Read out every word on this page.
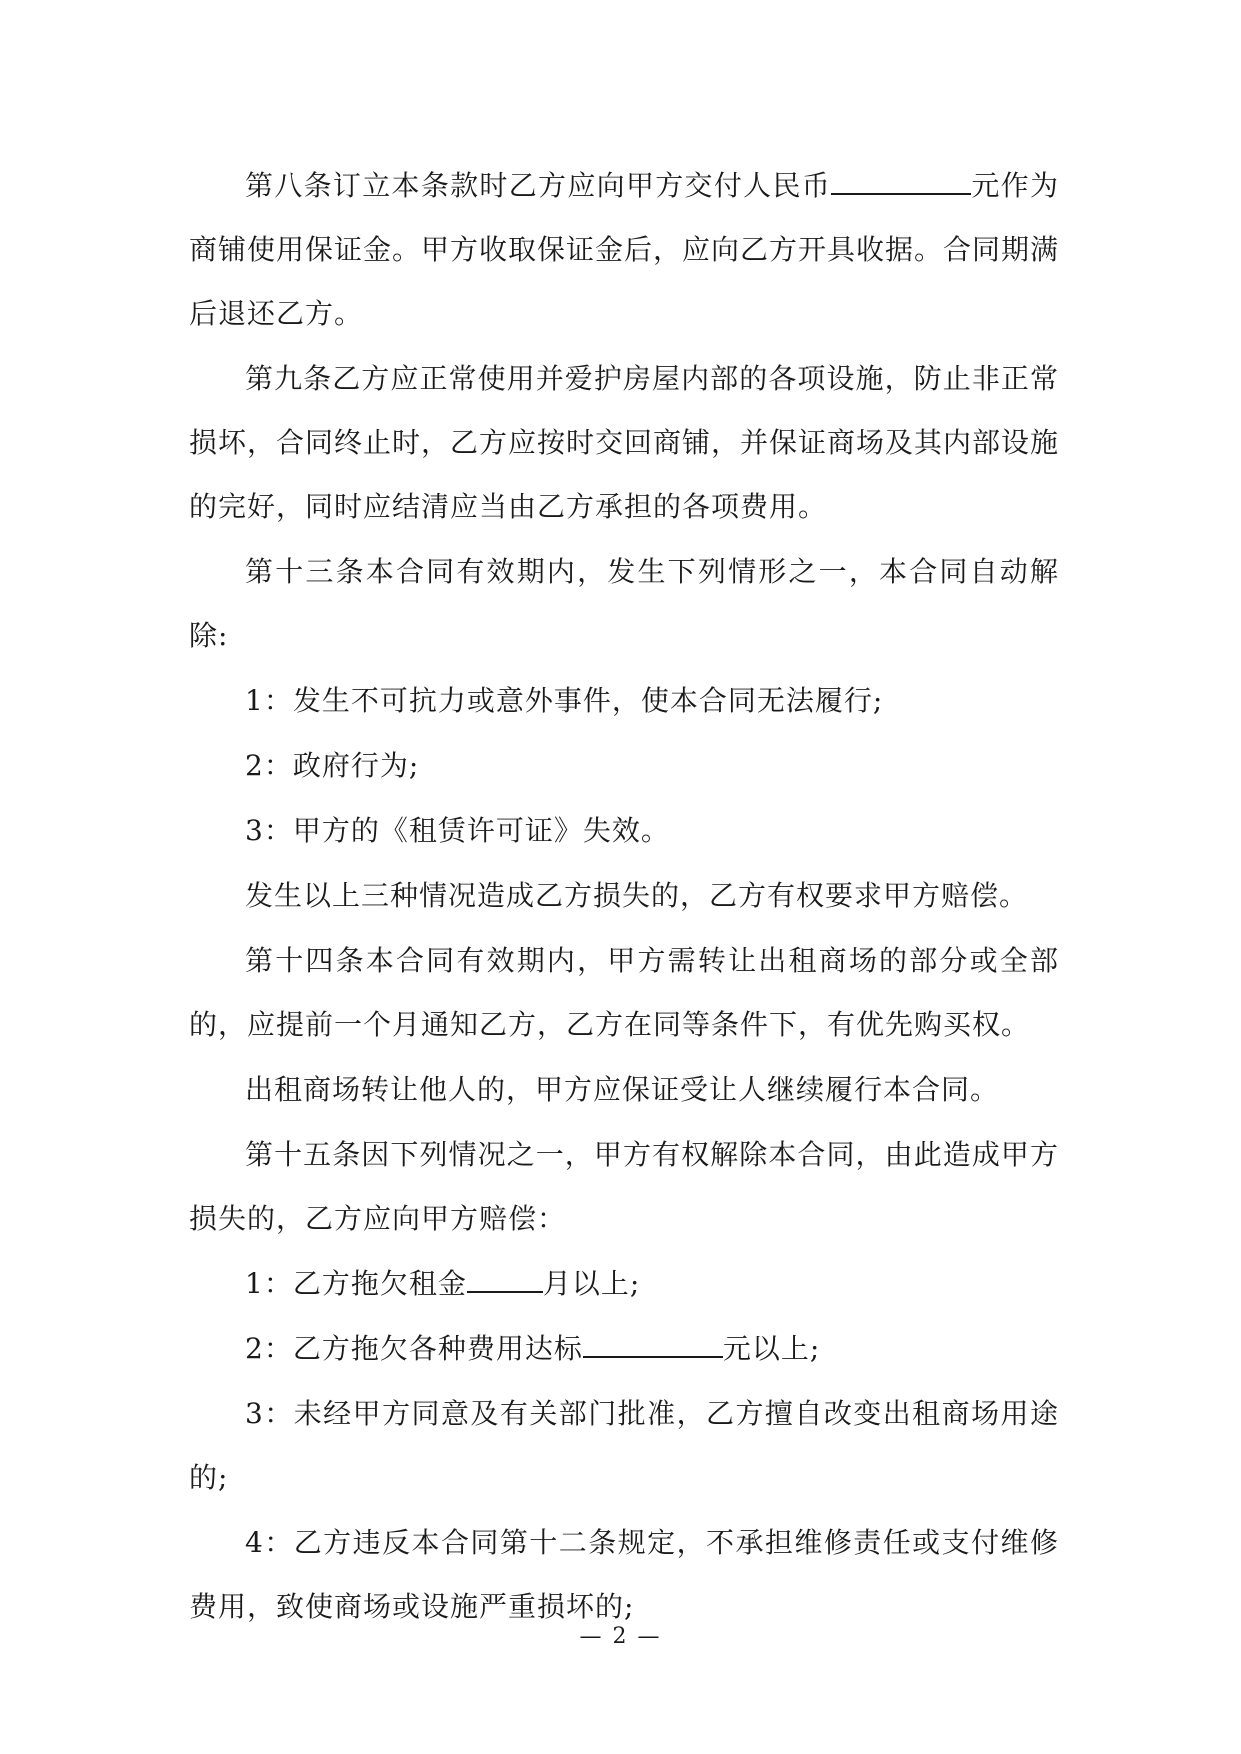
第八条订立本条款时乙方应向甲方交付人民币	元作为商铺使用保证金。甲方收取保证金后，应向乙方开具收据。合同期满后退还乙方。

第九条乙方应正常使用并爱护房屋内部的各项设施，防止非正常损坏，合同终止时，乙方应按时交回商铺，并保证商场及其内部设施的完好，同时应结清应当由乙方承担的各项费用。

第十三条本合同有效期内，发生下列情形之一，本合同自动解除:

1：发生不可抗力或意外事件，使本合同无法履行;

2：政府行为;

3：甲方的《租赁许可证》失效。

发生以上三种情况造成乙方损失的，乙方有权要求甲方赔偿。

第十四条本合同有效期内，甲方需转让出租商场的部分或全部的，应提前一个月通知乙方，乙方在同等条件下，有优先购买权。

出租商场转让他人的，甲方应保证受让人继续履行本合同。

第十五条因下列情况之一，甲方有权解除本合同，由此造成甲方损失的，乙方应向甲方赔偿：

1：乙方拖欠租金	月以上;

2：乙方拖欠各种费用达标	元以上;

3：未经甲方同意及有关部门批准，乙方擅自改变出租商场用途的;

4：乙方违反本合同第十二条规定，不承担维修责任或支付维修费用，致使商场或设施严重损坏的;

— 2 —
